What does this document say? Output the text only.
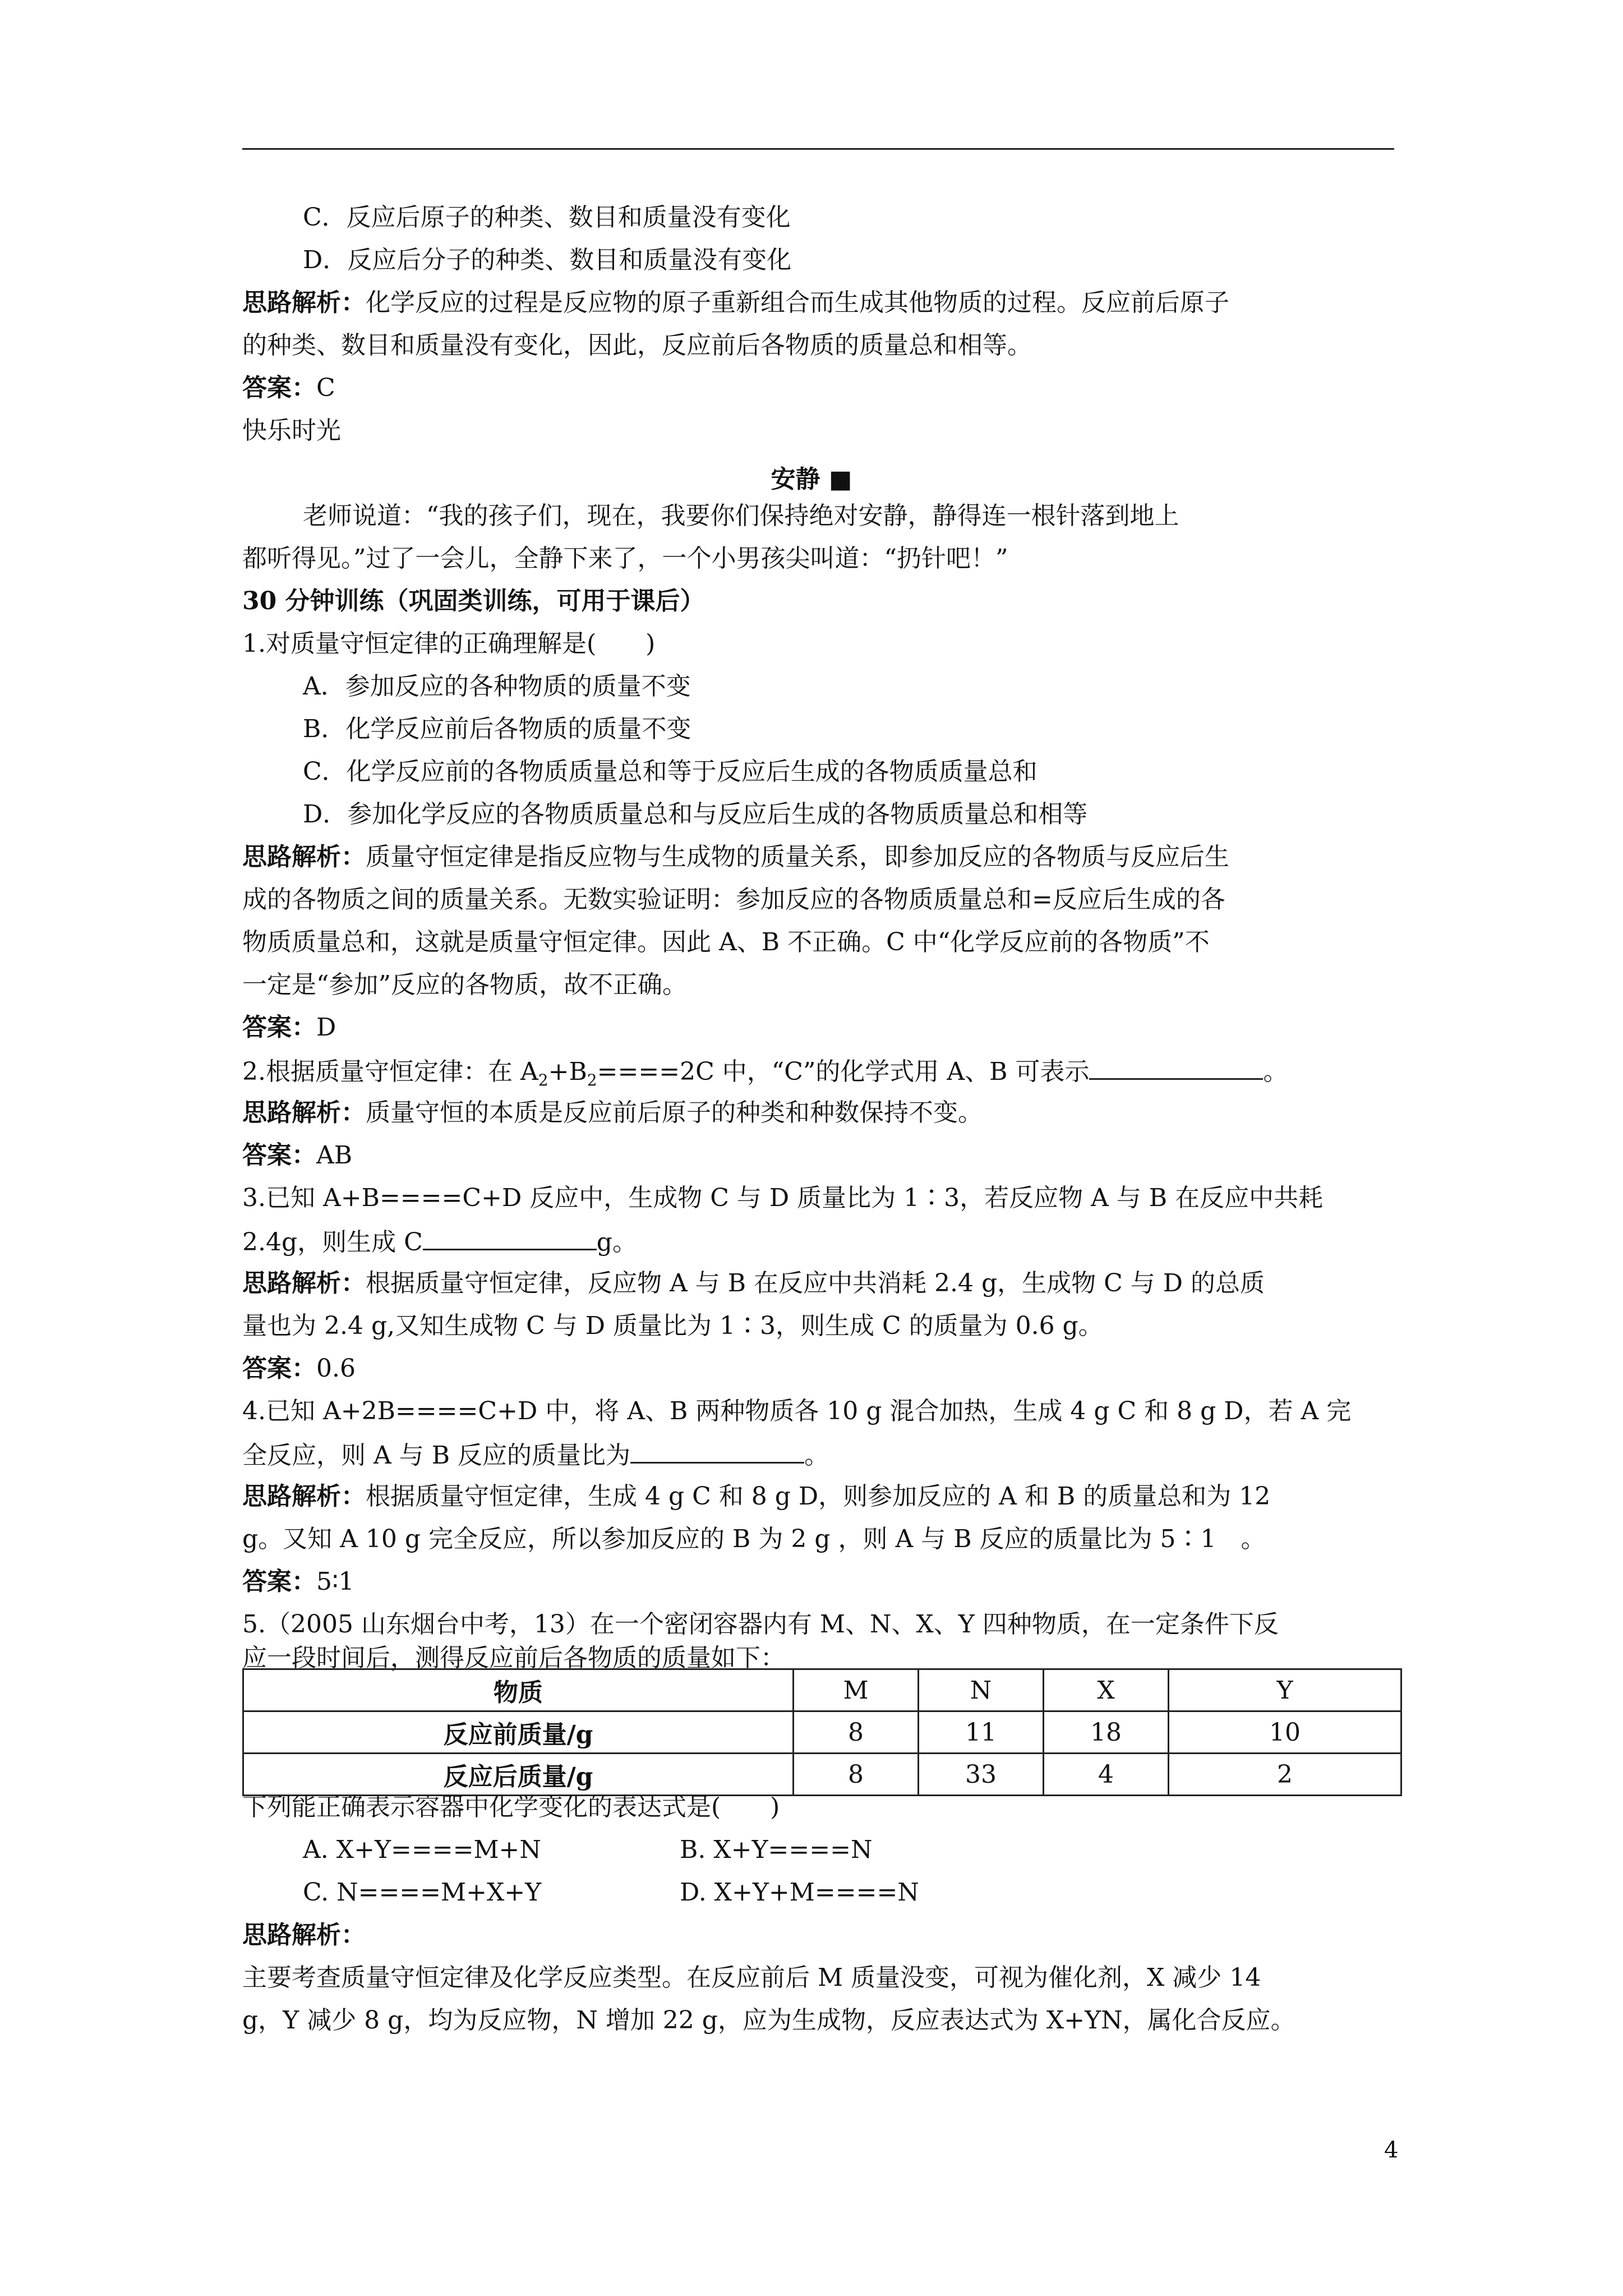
C．反应后原子的种类、数目和质量没有变化
D．反应后分子的种类、数目和质量没有变化
思路解析：化学反应的过程是反应物的原子重新组合而生成其他物质的过程。反应前后原子
的种类、数目和质量没有变化，因此，反应前后各物质的质量总和相等。
答案：C
快乐时光
安静 ■
老师说道：“我的孩子们，现在，我要你们保持绝对安静，静得连一根针落到地上
都听得见。”过了一会儿，全静下来了，一个小男孩尖叫道：“扔针吧！”
30 分钟训练（巩固类训练，可用于课后）
1.对质量守恒定律的正确理解是(　　)
A．参加反应的各种物质的质量不变
B．化学反应前后各物质的质量不变
C．化学反应前的各物质质量总和等于反应后生成的各物质质量总和
D．参加化学反应的各物质质量总和与反应后生成的各物质质量总和相等
思路解析：质量守恒定律是指反应物与生成物的质量关系，即参加反应的各物质与反应后生
成的各物质之间的质量关系。无数实验证明：参加反应的各物质质量总和=反应后生成的各
物质质量总和，这就是质量守恒定律。因此 A、B 不正确。C 中“化学反应前的各物质”不
一定是“参加”反应的各物质，故不正确。
答案：D
2.根据质量守恒定律：在 $A_2+B_2====2C$ 中，“C”的化学式用 A、B 可表示	。
思路解析：质量守恒的本质是反应前后原子的种类和种数保持不变。
答案：AB
3.已知 A+B====C+D 反应中，生成物 C 与 D 质量比为 1∶3，若反应物 A 与 B 在反应中共耗
2.4g，则生成 C	g。
思路解析：根据质量守恒定律，反应物 A 与 B 在反应中共消耗 2.4 g，生成物 C 与 D 的总质
量也为 2.4 g,又知生成物 C 与 D 质量比为 1∶3，则生成 C 的质量为 0.6 g。
答案：0.6
4.已知 A+2B====C+D 中，将 A、B 两种物质各 10 g 混合加热，生成 4 g C 和 8 g D，若 A 完
全反应，则 A 与 B 反应的质量比为	。
思路解析：根据质量守恒定律，生成 4 g C 和 8 g D，则参加反应的 A 和 B 的质量总和为 12
g。又知 A 10 g 完全反应，所以参加反应的 B 为 2 g ，则 A 与 B 反应的质量比为 5∶1　。
答案：5∶1
5.（2005 山东烟台中考，13）在一个密闭容器内有 M、N、X、Y 四种物质，在一定条件下反
应一段时间后，测得反应前后各物质的质量如下：
物质	M	N	X	Y
反应前质量/g	8	11	18	10
反应后质量/g	8	33	4	2
下列能正确表示容器中化学变化的表达式是(　　)
A. X+Y====M+N	B. X+Y====N
C. N====M+X+Y	D. X+Y+M====N
思路解析：
主要考查质量守恒定律及化学反应类型。在反应前后 M 质量没变，可视为催化剂，X 减少 14
g，Y 减少 8 g，均为反应物，N 增加 22 g，应为生成物，反应表达式为 X+YN，属化合反应。
4
